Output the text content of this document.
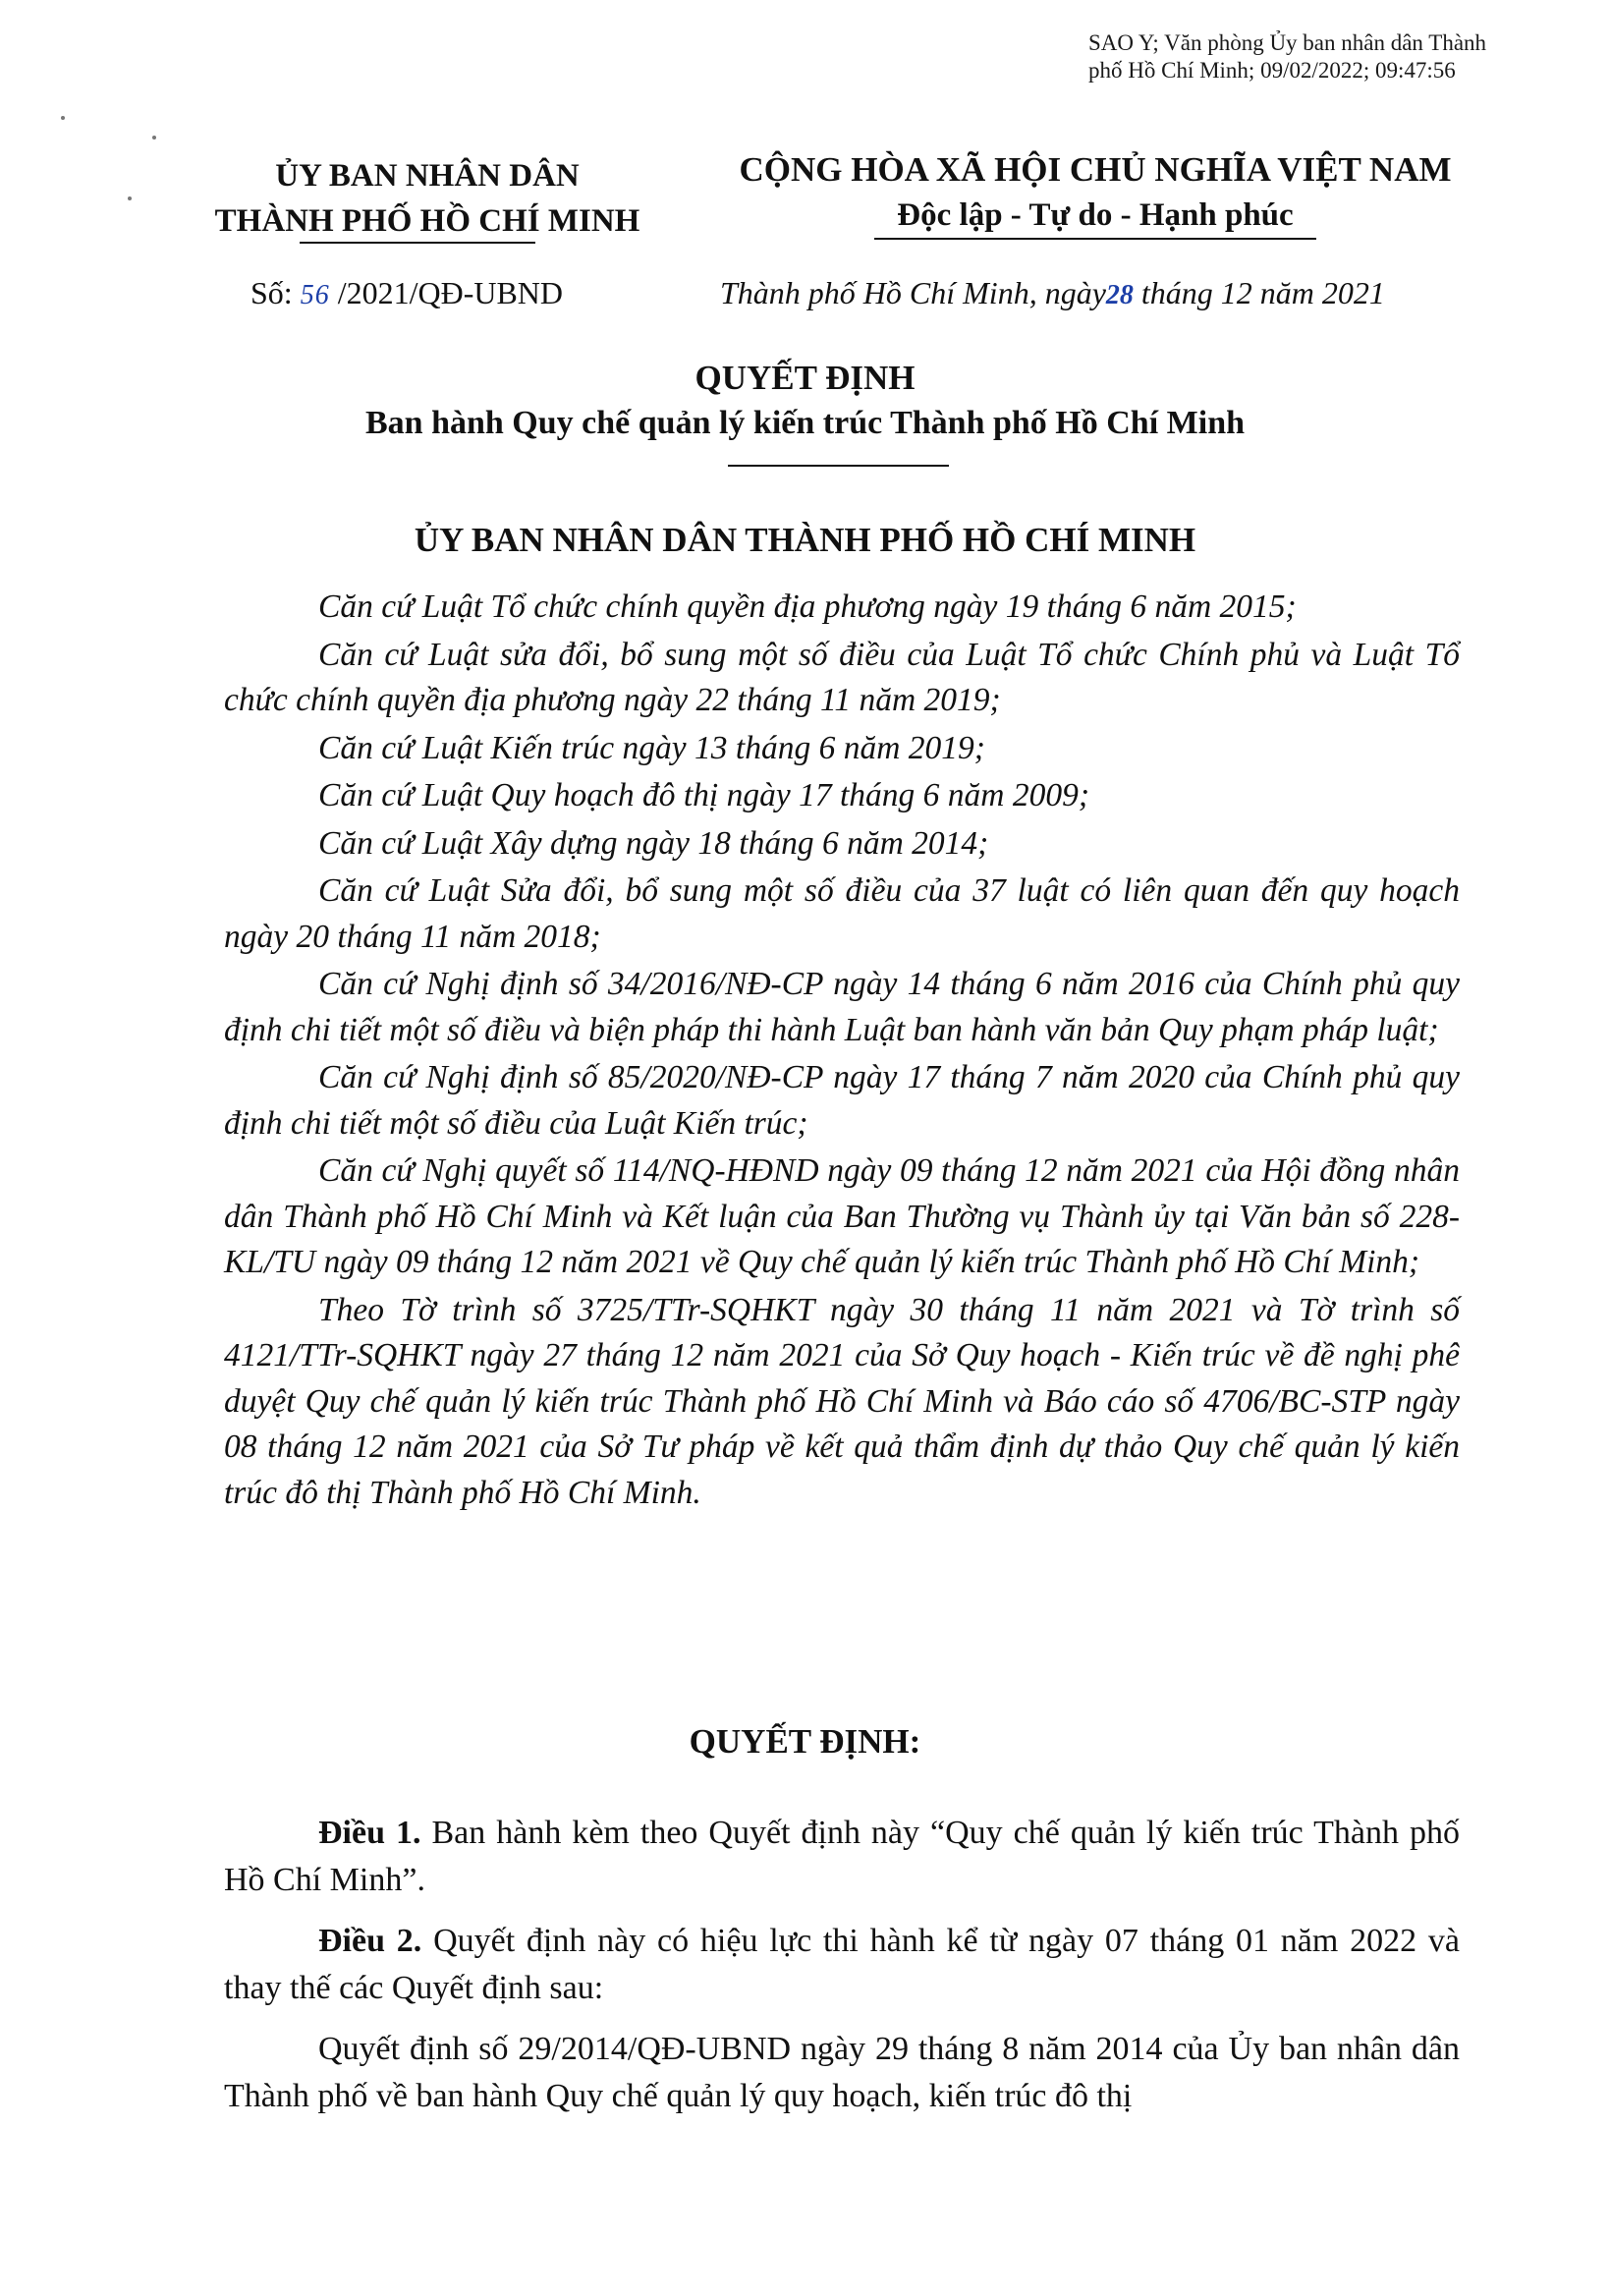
SAO Y; Văn phòng Ủy ban nhân dân Thành
phố Hồ Chí Minh; 09/02/2022; 09:47:56
ỦY BAN NHÂN DÂN
THÀNH PHỐ HỒ CHÍ MINH
CỘNG HÒA XÃ HỘI CHỦ NGHĨA VIỆT NAM
Độc lập - Tự do - Hạnh phúc
Số: 56 /2021/QĐ-UBND	Thành phố Hồ Chí Minh, ngày28 tháng 12 năm 2021
QUYẾT ĐỊNH
Ban hành Quy chế quản lý kiến trúc Thành phố Hồ Chí Minh
ỦY BAN NHÂN DÂN THÀNH PHỐ HỒ CHÍ MINH

Căn cứ Luật Tổ chức chính quyền địa phương ngày 19 tháng 6 năm 2015;

Căn cứ Luật sửa đổi, bổ sung một số điều của Luật Tổ chức Chính phủ và Luật Tổ chức chính quyền địa phương ngày 22 tháng 11 năm 2019;

Căn cứ Luật Kiến trúc ngày 13 tháng 6 năm 2019;

Căn cứ Luật Quy hoạch đô thị ngày 17 tháng 6 năm 2009;

Căn cứ Luật Xây dựng ngày 18 tháng 6 năm 2014;

Căn cứ Luật Sửa đổi, bổ sung một số điều của 37 luật có liên quan đến quy hoạch ngày 20 tháng 11 năm 2018;

Căn cứ Nghị định số 34/2016/NĐ-CP ngày 14 tháng 6 năm 2016 của Chính phủ quy định chi tiết một số điều và biện pháp thi hành Luật ban hành văn bản Quy phạm pháp luật;

Căn cứ Nghị định số 85/2020/NĐ-CP ngày 17 tháng 7 năm 2020 của Chính phủ quy định chi tiết một số điều của Luật Kiến trúc;

Căn cứ Nghị quyết số 114/NQ-HĐND ngày 09 tháng 12 năm 2021 của Hội đồng nhân dân Thành phố Hồ Chí Minh và Kết luận của Ban Thường vụ Thành ủy tại Văn bản số 228-KL/TU ngày 09 tháng 12 năm 2021 về Quy chế quản lý kiến trúc Thành phố Hồ Chí Minh;

Theo Tờ trình số 3725/TTr-SQHKT ngày 30 tháng 11 năm 2021 và Tờ trình số 4121/TTr-SQHKT ngày 27 tháng 12 năm 2021 của Sở Quy hoạch - Kiến trúc về đề nghị phê duyệt Quy chế quản lý kiến trúc Thành phố Hồ Chí Minh và Báo cáo số 4706/BC-STP ngày 08 tháng 12 năm 2021 của Sở Tư pháp về kết quả thẩm định dự thảo Quy chế quản lý kiến trúc đô thị Thành phố Hồ Chí Minh.

QUYẾT ĐỊNH:

Điều 1. Ban hành kèm theo Quyết định này “Quy chế quản lý kiến trúc Thành phố Hồ Chí Minh”.

Điều 2. Quyết định này có hiệu lực thi hành kể từ ngày 07 tháng 01 năm 2022 và thay thế các Quyết định sau:

Quyết định số 29/2014/QĐ-UBND ngày 29 tháng 8 năm 2014 của Ủy ban nhân dân Thành phố về ban hành Quy chế quản lý quy hoạch, kiến trúc đô thị
